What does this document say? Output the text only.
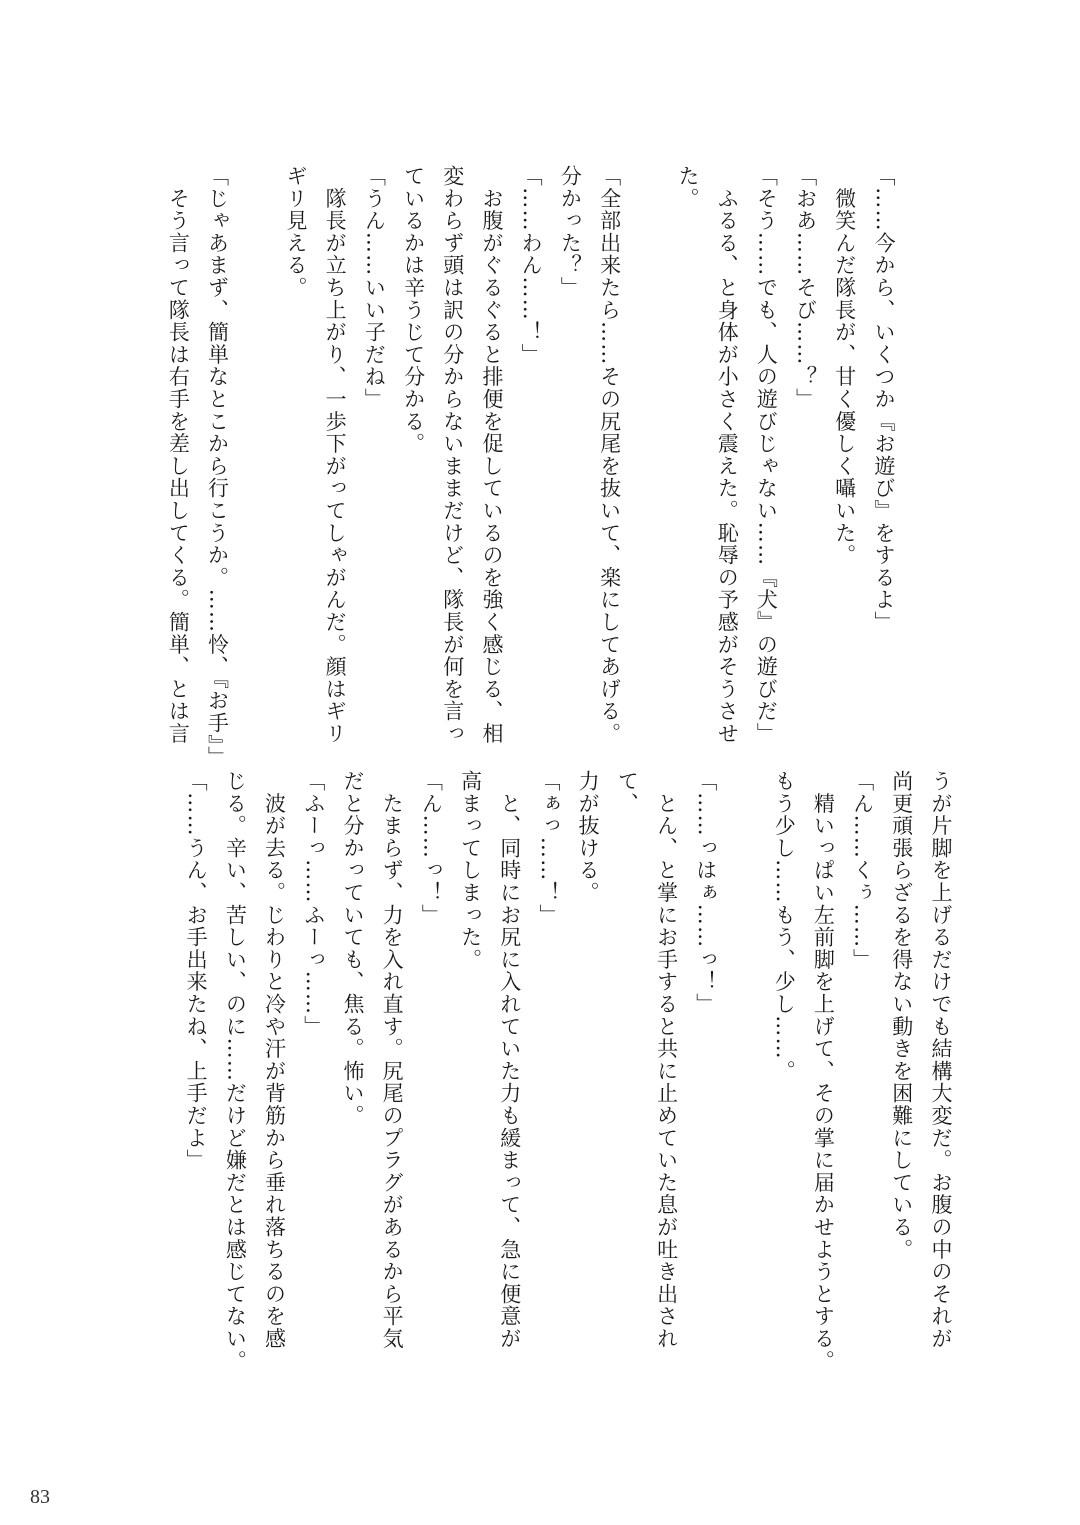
「……今から、いくつか『お遊び』をするよ」
　微笑んだ隊長が、甘く優しく囁いた。
「おあ……そび……？」
「そう……でも、人の遊びじゃない……『犬』の遊びだ」
　ふるる、と身体が小さく震えた。恥辱の予感がそうさせ
た。
「全部出来たら……その尻尾を抜いて、楽にしてあげる。
分かった？」
「……わん……！」
　お腹がぐるぐると排便を促しているのを強く感じる、相
変わらず頭は訳の分からないままだけど、隊長が何を言っ
ているかは辛うじて分かる。
「うん……いい子だね」
　隊長が立ち上がり、一歩下がってしゃがんだ。顔はギリ
ギリ見える。
「じゃあまず、簡単なとこから行こうか。……怜、『お手』」
　そう言って隊長は右手を差し出してくる。簡単、とは言
うが片脚を上げるだけでも結構大変だ。お腹の中のそれが
尚更頑張らざるを得ない動きを困難にしている。
「ん……くぅ……」
　精いっぱい左前脚を上げて、その掌に届かせようとする。
もう少し……もう、少し……。
「……っはぁ……っ！」
　とん、と掌にお手すると共に止めていた息が吐き出され
て、
力が抜ける。
「ぁっ……！」
　と、同時にお尻に入れていた力も緩まって、急に便意が
高まってしまった。
「ん……っ！」
　たまらず、力を入れ直す。尻尾のプラグがあるから平気
だと分かっていても、焦る。怖い。
「ふーっ……ふーっ……」
　波が去る。じわりと冷や汗が背筋から垂れ落ちるのを感
じる。辛い、苦しい、のに……だけど嫌だとは感じてない。
「……うん、お手出来たね、上手だよ」
83
